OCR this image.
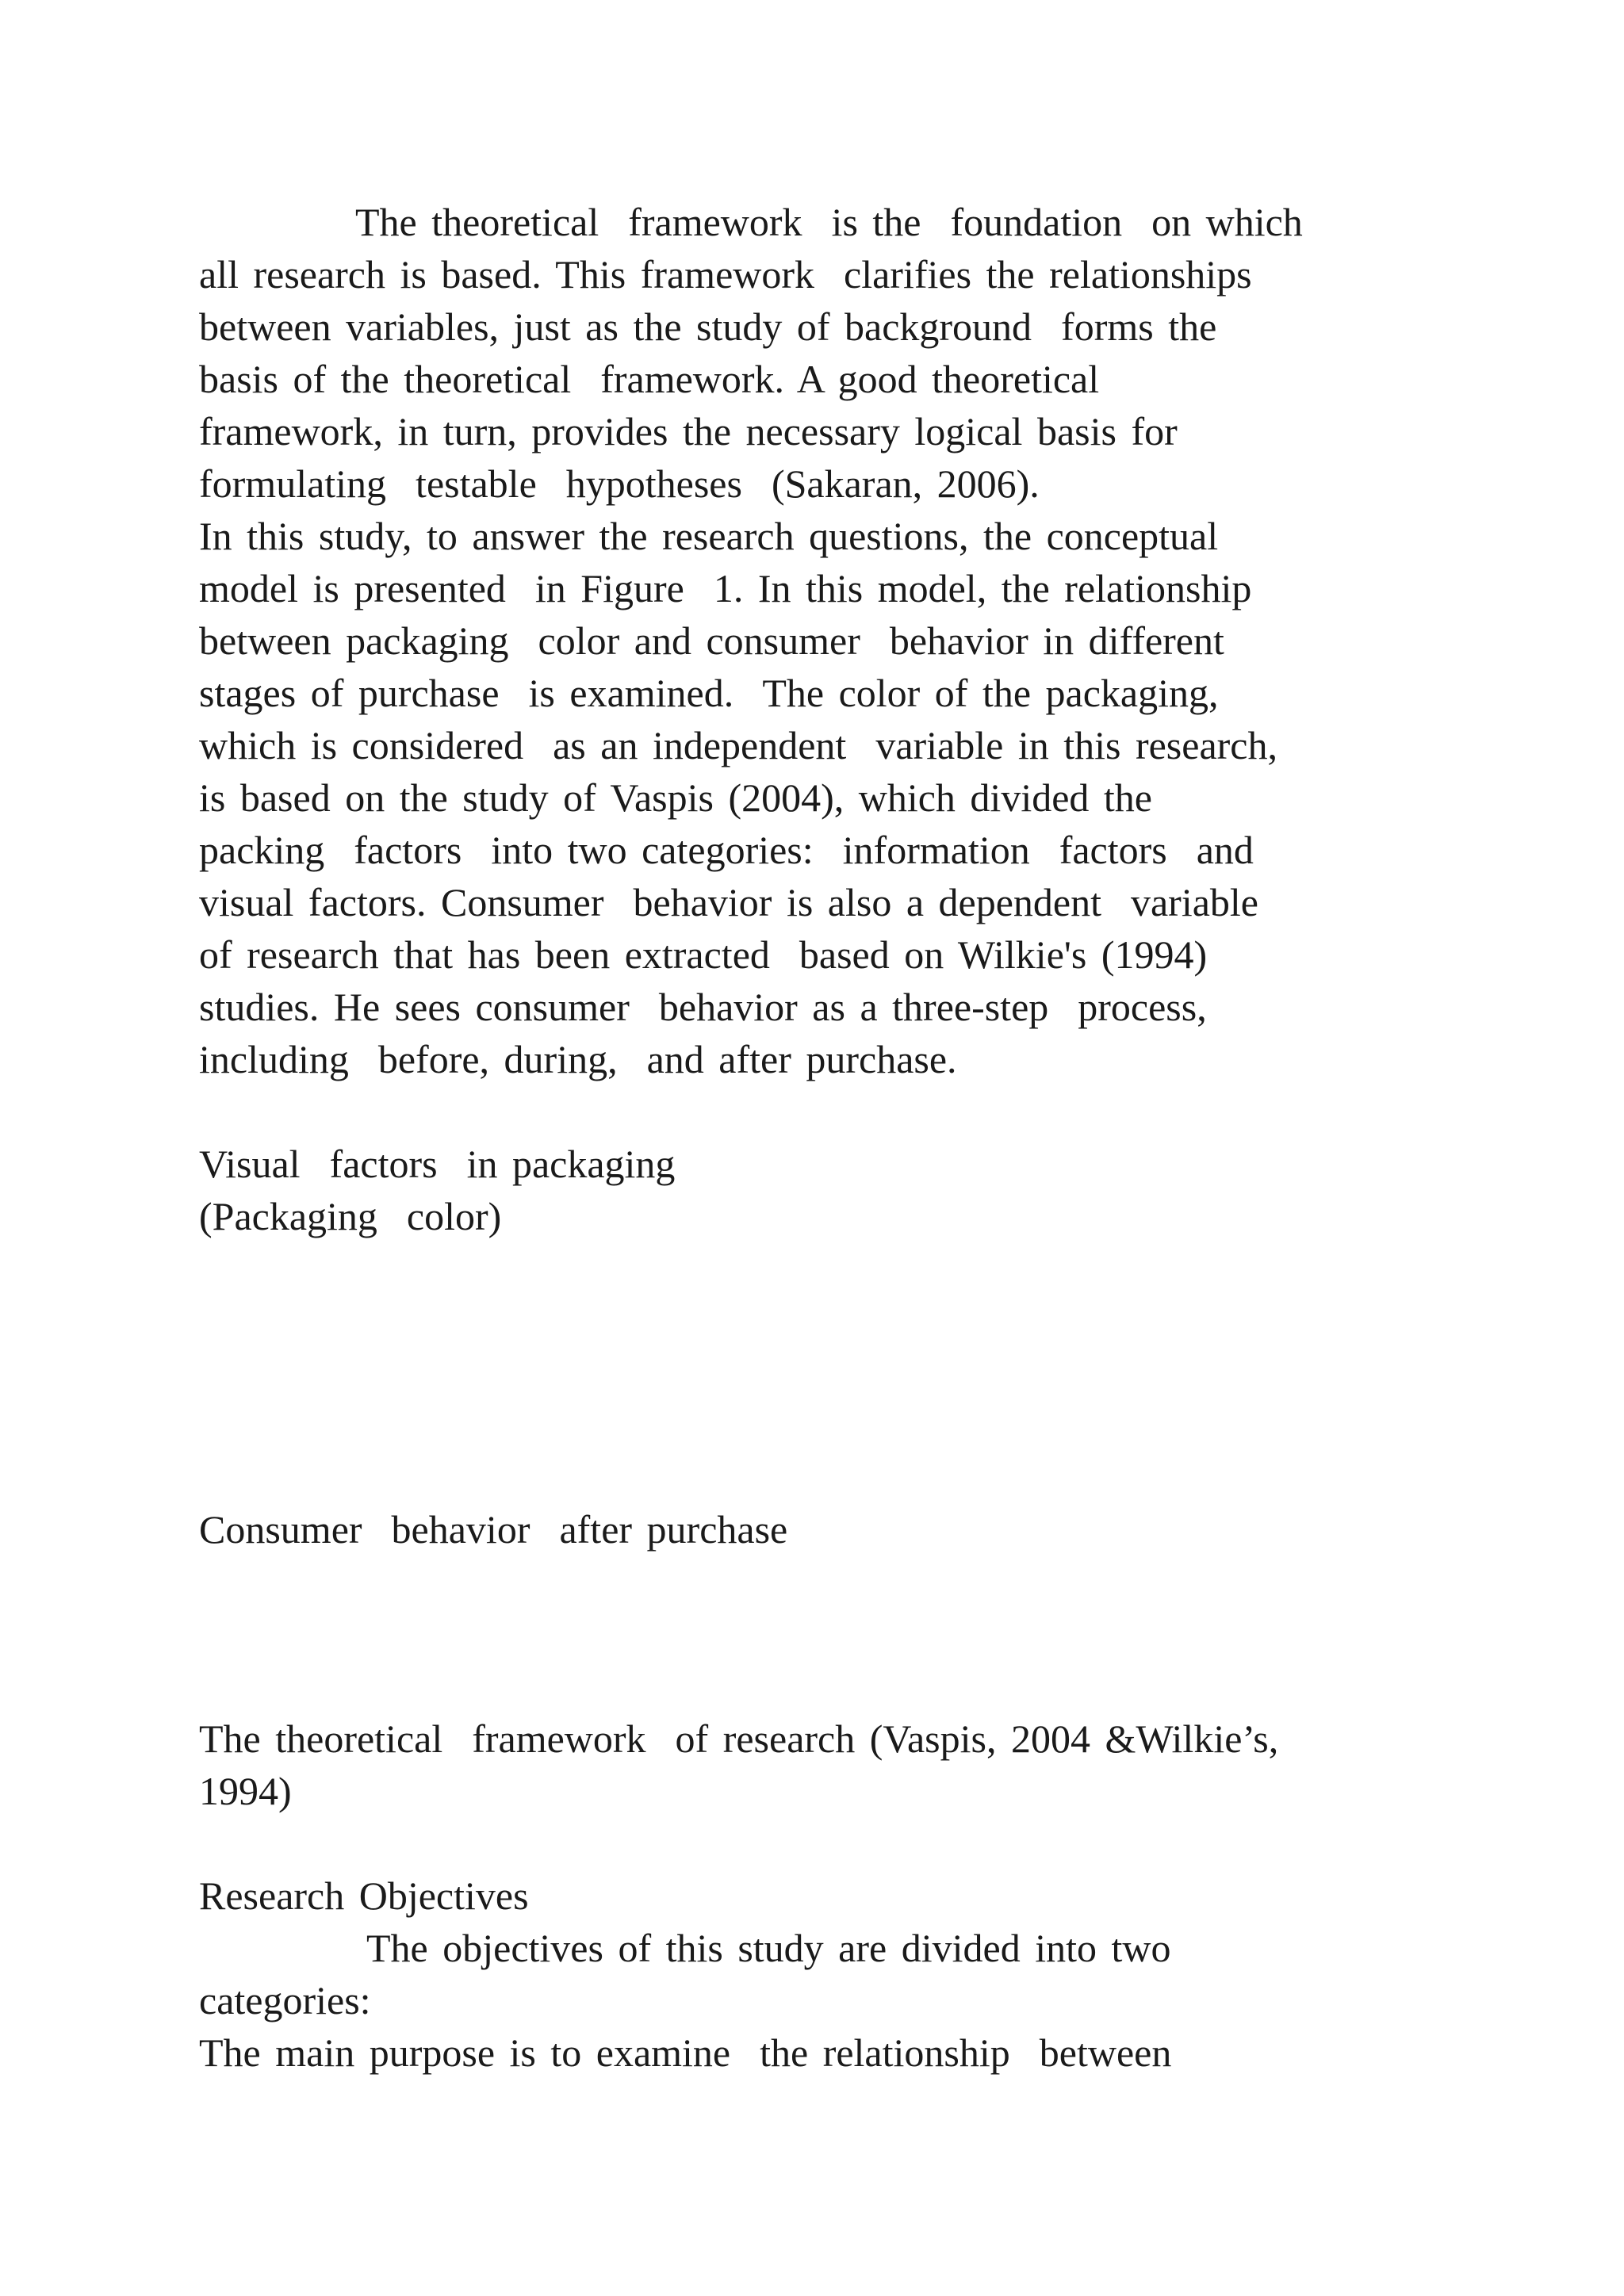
The theoretical  framework  is the  foundation  on which

all research is based. This framework  clarifies the relationships

between variables, just as the study of background  forms the

basis of the theoretical  framework. A good theoretical

framework, in turn, provides the necessary logical basis for

formulating  testable  hypotheses  (Sakaran, 2006).

In this study, to answer the research questions, the conceptual

model is presented  in Figure  1. In this model, the relationship

between packaging  color and consumer  behavior in different

stages of purchase  is examined.  The color of the packaging,

which is considered  as an independent  variable in this research,

is based on the study of Vaspis (2004), which divided the

packing  factors  into two categories:  information  factors  and

visual factors. Consumer  behavior is also a dependent  variable

of research that has been extracted  based on Wilkie's (1994)

studies. He sees consumer  behavior as a three-step  process,

including  before, during,  and after purchase.

Visual  factors  in packaging

(Packaging  color)

Consumer  behavior  after purchase

The theoretical  framework  of research (Vaspis, 2004 &Wilkie’s,

1994)

Research Objectives

The objectives of this study are divided into two

categories:

The main purpose is to examine  the relationship  between
